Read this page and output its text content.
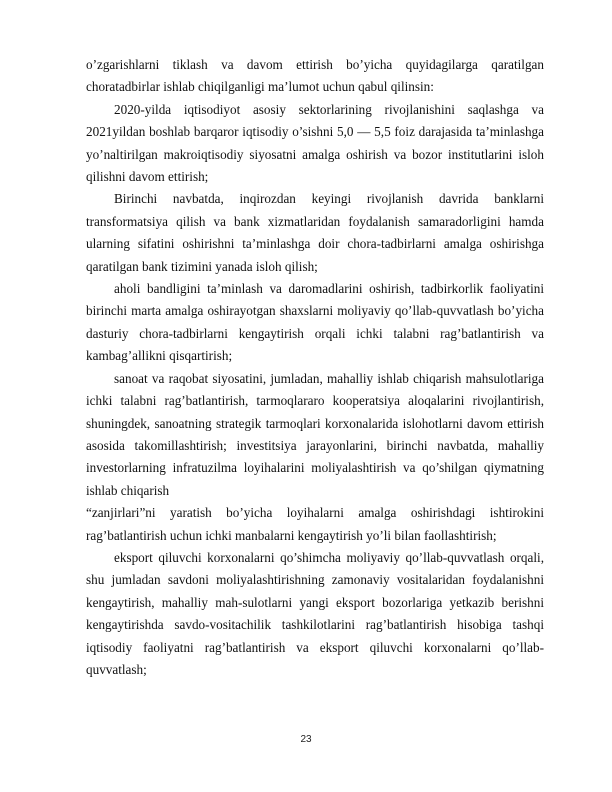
o’zgarishlarni tiklash va davom ettirish bo’yicha quyidagilarga qaratilgan choratadbirlar ishlab chiqilganligi ma’lumot uchun qabul qilinsin:

2020-yilda iqtisodiyot asosiy sektorlarining rivojlanishini saqlashga va 2021yildan boshlab barqaror iqtisodiy o’sishni 5,0 — 5,5 foiz darajasida ta’minlashga yo’naltirilgan makroiqtisodiy siyosatni amalga oshirish va bozor institutlarini isloh qilishni davom ettirish;

Birinchi navbatda, inqirozdan keyingi rivojlanish davrida banklarni transformatsiya qilish va bank xizmatlaridan foydalanish samaradorligini hamda ularning sifatini oshirishni ta’minlashga doir chora-tadbirlarni amalga oshirishga qaratilgan bank tizimini yanada isloh qilish;

aholi bandligini ta’minlash va daromadlarini oshirish, tadbirkorlik faoliyatini birinchi marta amalga oshirayotgan shaxslarni moliyaviy qo’llab-quvvatlash bo’yicha dasturiy chora-tadbirlarni kengaytirish orqali ichki talabni rag’batlantirish va kambag’allikni qisqartirish;

sanoat va raqobat siyosatini, jumladan, mahalliy ishlab chiqarish mahsulotlariga ichki talabni rag’batlantirish, tarmoqlararo kooperatsiya aloqalarini rivojlantirish, shuningdek, sanoatning strategik tarmoqlari korxonalarida islohotlarni davom ettirish asosida takomillashtirish; investitsiya jarayonlarini, birinchi navbatda, mahalliy investorlarning infratuzilma loyihalarini moliyalashtirish va qo’shilgan qiymatning ishlab chiqarish

“zanjirlari”ni yaratish bo’yicha loyihalarni amalga oshirishdagi ishtirokini rag’batlantirish uchun ichki manbalarni kengaytirish yo’li bilan faollashtirish;

eksport qiluvchi korxonalarni qo’shimcha moliyaviy qo’llab-quvvatlash orqali, shu jumladan savdoni moliyalashtirishning zamonaviy vositalaridan foydalanishni kengaytirish, mahalliy mah-sulotlarni yangi eksport bozorlariga yetkazib berishni kengaytirishda savdo-vositachilik tashkilotlarini rag’batlantirish hisobiga tashqi iqtisodiy faoliyatni rag’batlantirish va eksport qiluvchi korxonalarni qo’llab-quvvatlash;

23
